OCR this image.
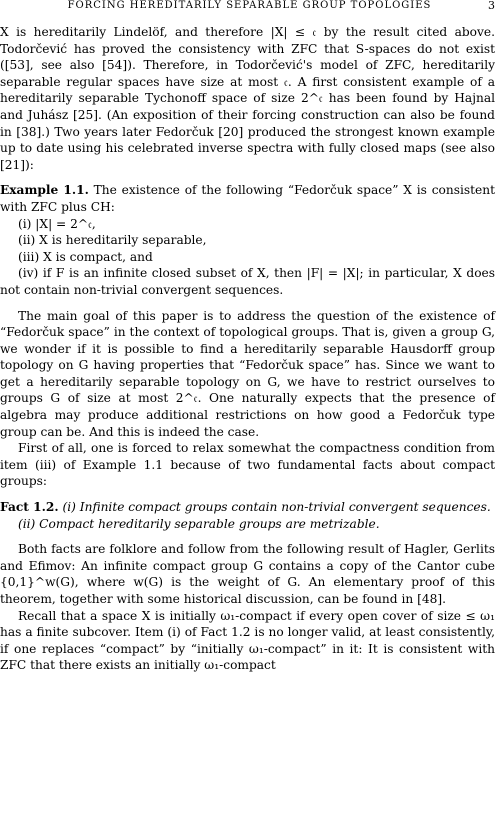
FORCING HEREDITARILY SEPARABLE GROUP TOPOLOGIES	3

X is hereditarily Lindelöf, and therefore |X| ≤ 𝔠 by the result cited above. Todorčević has proved the consistency with ZFC that S-spaces do not exist ([53], see also [54]). Therefore, in Todorčević's model of ZFC, hereditarily separable regular spaces have size at most 𝔠. A first consistent example of a hereditarily separable Tychonoff space of size 2^𝔠 has been found by Hajnal and Juhász [25]. (An exposition of their forcing construction can also be found in [38].) Two years later Fedorčuk [20] produced the strongest known example up to date using his celebrated inverse spectra with fully closed maps (see also [21]):

Example 1.1. The existence of the following “Fedorčuk space” X is consistent with ZFC plus CH:

(i) |X| = 2^𝔠,
(ii) X is hereditarily separable,
(iii) X is compact, and

(iv) if F is an infinite closed subset of X, then |F| = |X|; in particular, X does not contain non-trivial convergent sequences.

The main goal of this paper is to address the question of the existence of “Fedorčuk space” in the context of topological groups. That is, given a group G, we wonder if it is possible to find a hereditarily separable Hausdorff group topology on G having properties that “Fedorčuk space” has. Since we want to get a hereditarily separable topology on G, we have to restrict ourselves to groups G of size at most 2^𝔠. One naturally expects that the presence of algebra may produce additional restrictions on how good a Fedorčuk type group can be. And this is indeed the case.

First of all, one is forced to relax somewhat the compactness condition from item (iii) of Example 1.1 because of two fundamental facts about compact groups:

Fact 1.2. (i) Infinite compact groups contain non-trivial convergent sequences.

(ii) Compact hereditarily separable groups are metrizable.

Both facts are folklore and follow from the following result of Hagler, Gerlits and Efimov: An infinite compact group G contains a copy of the Cantor cube {0,1}^w(G), where w(G) is the weight of G. An elementary proof of this theorem, together with some historical discussion, can be found in [48].

Recall that a space X is initially ω₁-compact if every open cover of size ≤ ω₁ has a finite subcover. Item (i) of Fact 1.2 is no longer valid, at least consistently, if one replaces “compact” by “initially ω₁-compact” in it: It is consistent with ZFC that there exists an initially ω₁-compact
